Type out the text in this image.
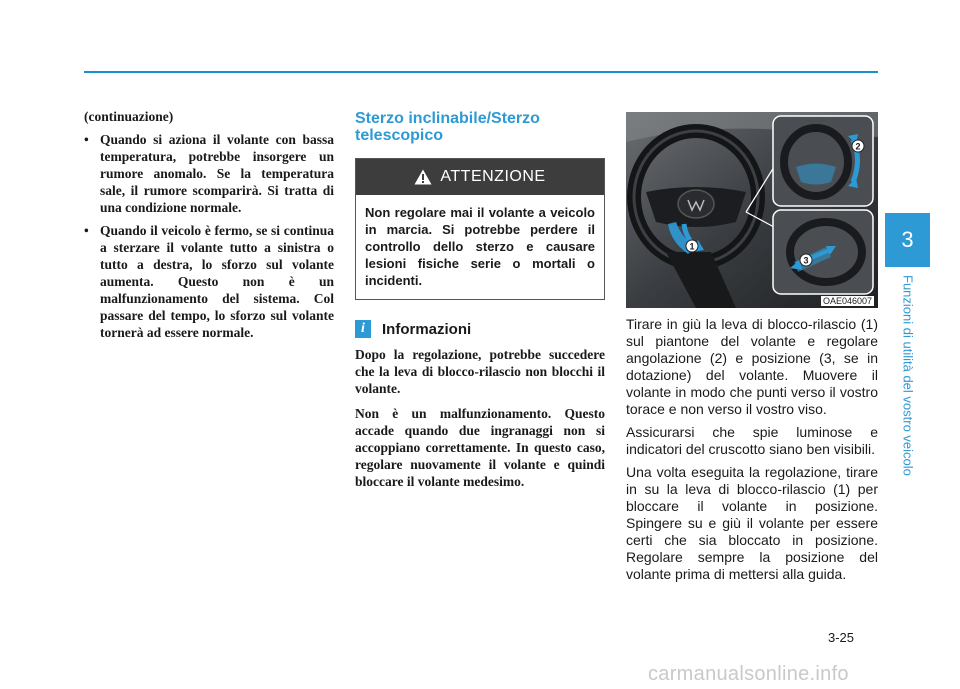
(continuazione)

• Quando si aziona il volante con bassa temperatura, potrebbe insorgere un rumore anomalo. Se la temperatura sale, il rumore scomparirà. Si tratta di una condizione normale.
• Quando il veicolo è fermo, se si continua a sterzare il volante tutto a sinistra o tutto a destra, lo sforzo sul volante aumenta. Questo non è un malfunzionamento del sistema. Col passare del tempo, lo sforzo sul volante tornerà ad essere normale.
Sterzo inclinabile/Sterzo telescopico
ATTENZIONE
Non regolare mai il volante a veicolo in marcia. Si potrebbe perdere il controllo dello sterzo e causare lesioni fisiche serie o mortali o incidenti.
i	Informazioni

Dopo la regolazione, potrebbe succedere che la leva di blocco-rilascio non blocchi il volante.

Non è un malfunzionamento. Questo accade quando due ingranaggi non si accoppiano correttamente. In questo caso, regolare nuovamente il volante e quindi bloccare il volante medesimo.

1
2
3
OAE046007

Tirare in giù la leva di blocco-rilascio (1) sul piantone del volante e regolare angolazione (2) e posizione (3, se in dotazione) del volante. Muovere il volante in modo che punti verso il vostro torace e non verso il vostro viso.

Assicurarsi che spie luminose e indicatori del cruscotto siano ben visibili.

Una volta eseguita la regolazione, tirare in su la leva di blocco-rilascio (1) per bloccare il volante in posizione. Spingere su e giù il volante per essere certi che sia bloccato in posizione. Regolare sempre la posizione del volante prima di mettersi alla guida.

3
Funzioni di utilità del vostro veicolo
3-25
carmanualsonline.info
